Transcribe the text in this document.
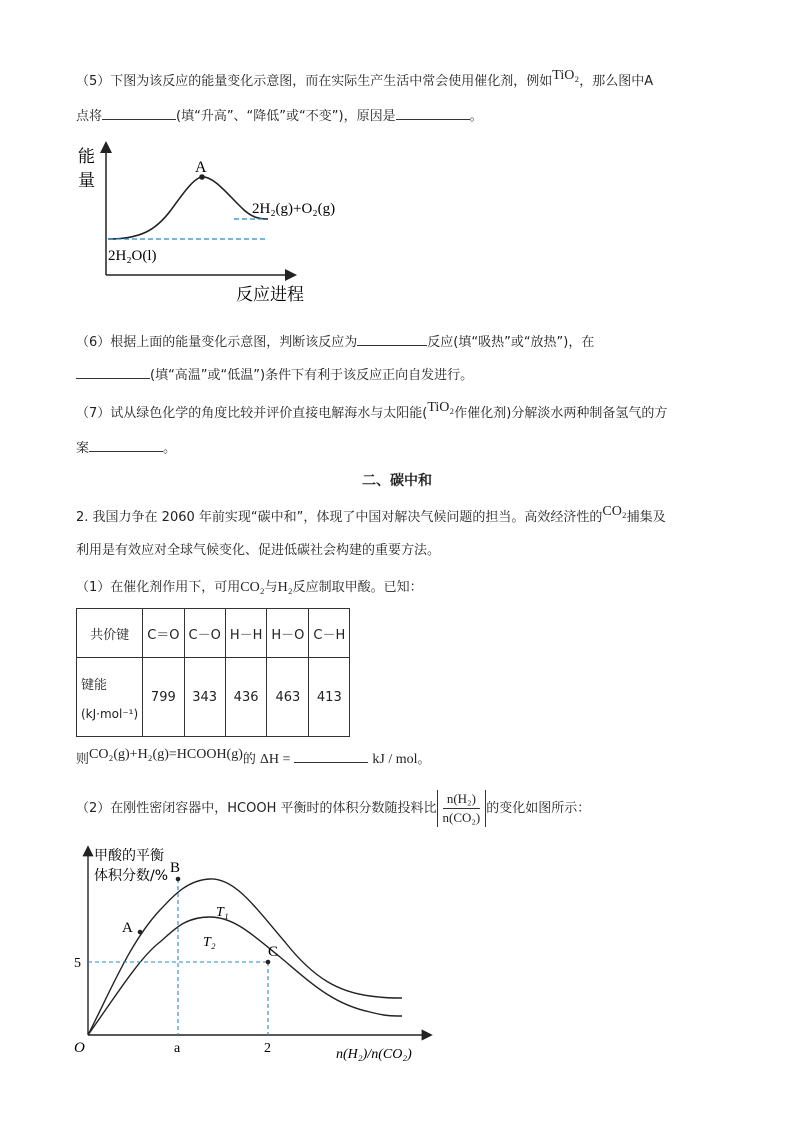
（5）下图为该反应的能量变化示意图，而在实际生产生活中常会使用催化剂，例如TiO₂，那么图中A
点将	(填“升高”、“降低”或“不变”)，原因是	。
能
量
A
2H₂(g)+O₂(g)
2H₂O(l)
反应进程
（6）根据上面的能量变化示意图，判断该反应为	反应(填“吸热”或“放热”)，在
(填“高温”或“低温”)条件下有利于该反应正向自发进行。
（7）试从绿色化学的角度比较并评价直接电解海水与太阳能(TiO₂作催化剂)分解淡水两种制备氢气的方
案	。
二、碳中和
2. 我国力争在 2060 年前实现“碳中和”，体现了中国对解决气候问题的担当。高效经济性的CO₂捕集及
利用是有效应对全球气候变化、促进低碳社会构建的重要方法。
（1）在催化剂作用下，可用CO₂与H₂反应制取甲酸。已知：
共价键	C＝O	C－O	H－H	H－O	C－H

键能
(kJ·mol⁻¹)	799	343	436	463	413
则CO₂(g)+H₂(g)=HCOOH(g)的 ΔH =	kJ / mol。
（2）在刚性密闭容器中，HCOOH 平衡时的体积分数随投料比 $\frac{\text{n(H₂)}}{\text{n(CO₂)}}$ 的变化如图所示：
甲酸的平衡
体积分数/%
A
B
C
T₁
T₂
5
O	a	2	n(H₂)/n(CO₂)
